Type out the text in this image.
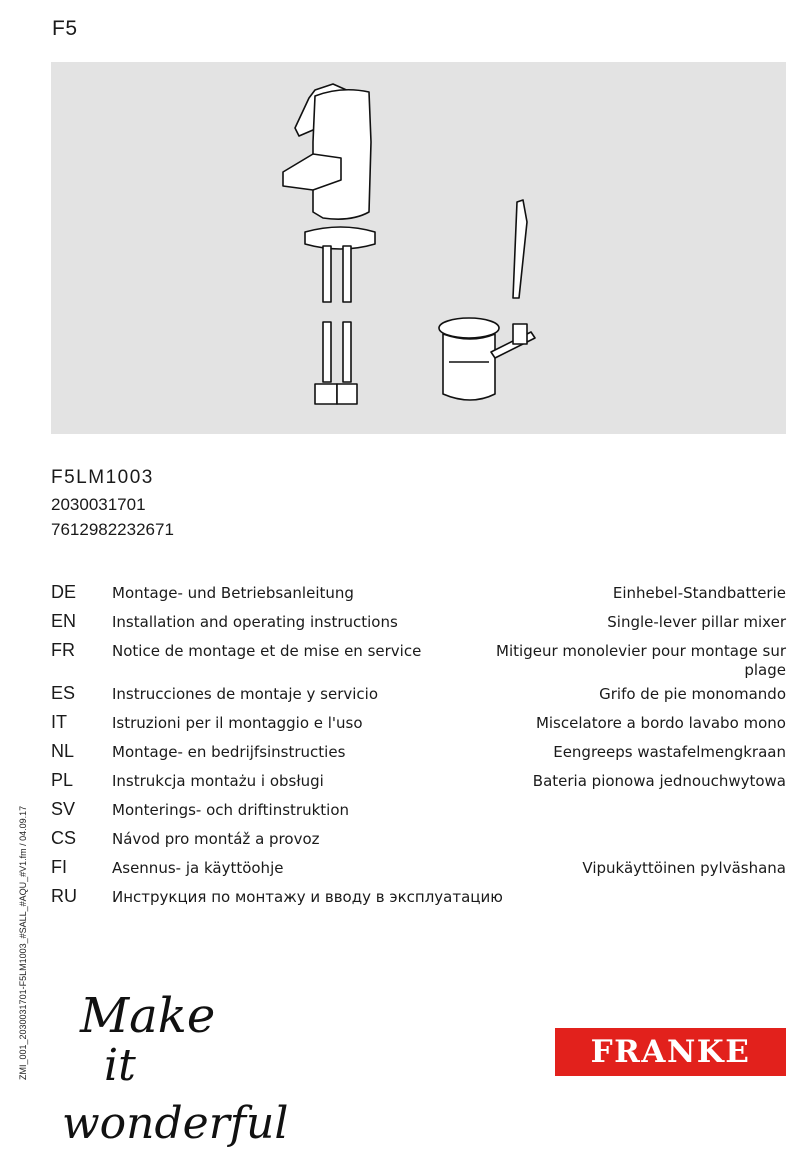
F5
F5LM1003
2030031701
7612982232671
DE	Montage- und Betriebsanleitung	Einhebel-Standbatterie
EN	Installation and operating instructions	Single-lever pillar mixer
FR	Notice de montage et de mise en service	Mitigeur monolevier pour montage sur plage
ES	Instrucciones de montaje y servicio	Grifo de pie monomando
IT	Istruzioni per il montaggio e l'uso	Miscelatore a bordo lavabo mono
NL	Montage- en bedrijfsinstructies	Eengreeps wastafelmengkraan
PL	Instrukcja montażu i obsługi	Bateria pionowa jednouchwytowa
SV	Monterings- och driftinstruktion
CS	Návod pro montáž a provoz
FI	Asennus- ja käyttöohje	Vipukäyttöinen pylväshana
RU	Инструкция по монтажу и вводу в эксплуатацию
ZMI_001_2030031701-F5LM1003_#SALL_#AQU_#V1.fm / 04.09.17 Make
it
wonderful
FRANKE
